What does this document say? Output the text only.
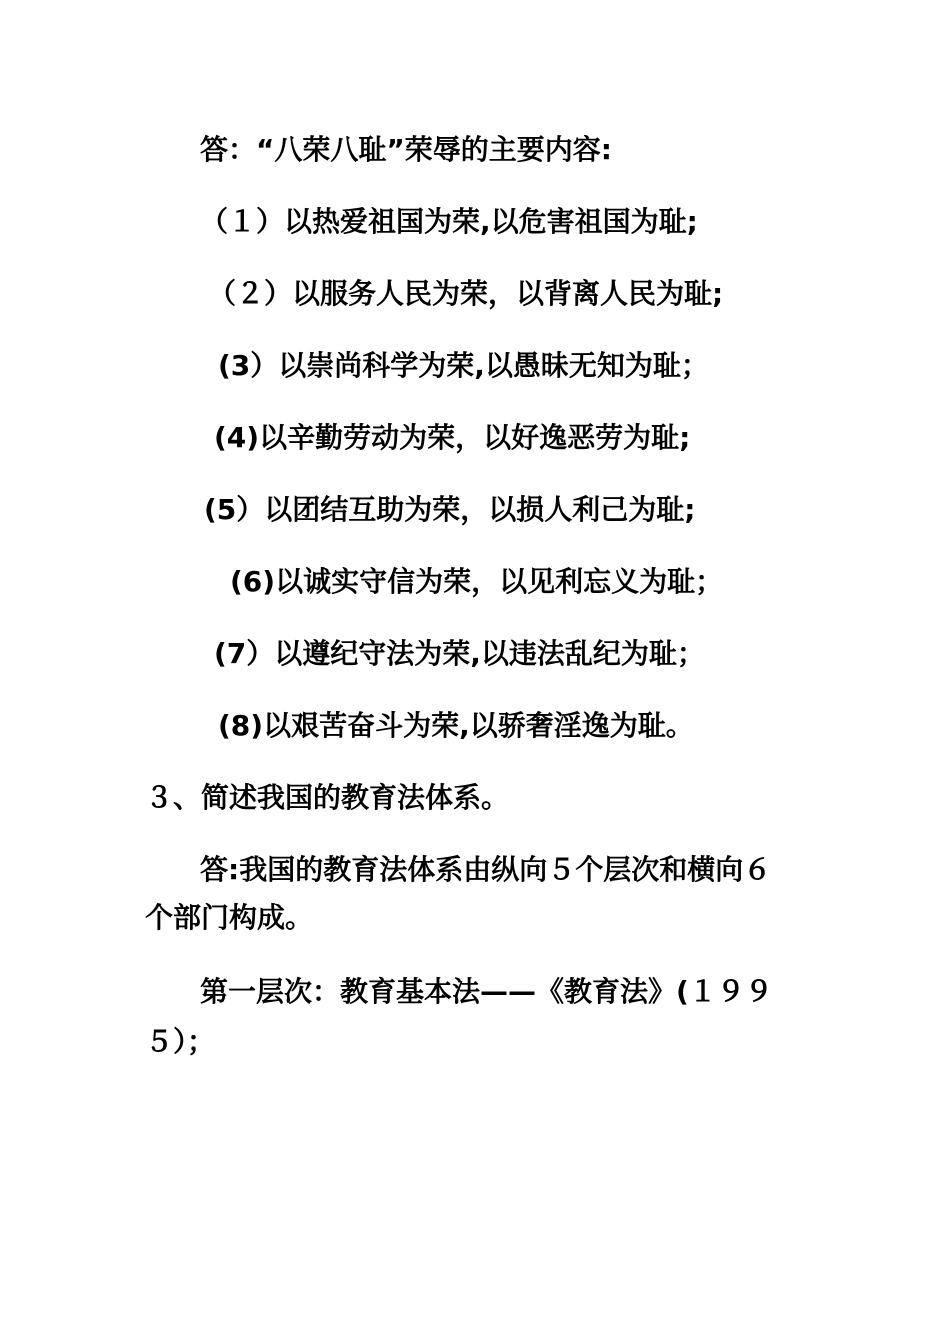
答：“八荣八耻”荣辱的主要内容:
（１）以热爱祖国为荣,以危害祖国为耻;
（２）以服务人民为荣，以背离人民为耻;
(3）以崇尚科学为荣,以愚昧无知为耻；
(4)以辛勤劳动为荣，以好逸恶劳为耻;
(5）以团结互助为荣，以损人利己为耻;
(6)以诚实守信为荣，以见利忘义为耻；
(7）以遵纪守法为荣,以违法乱纪为耻；
(8)以艰苦奋斗为荣,以骄奢淫逸为耻。
３、简述我国的教育法体系。
答:我国的教育法体系由纵向５个层次和横向６
个部门构成。
第一层次：教育基本法——《教育法》(１９９
５）；
